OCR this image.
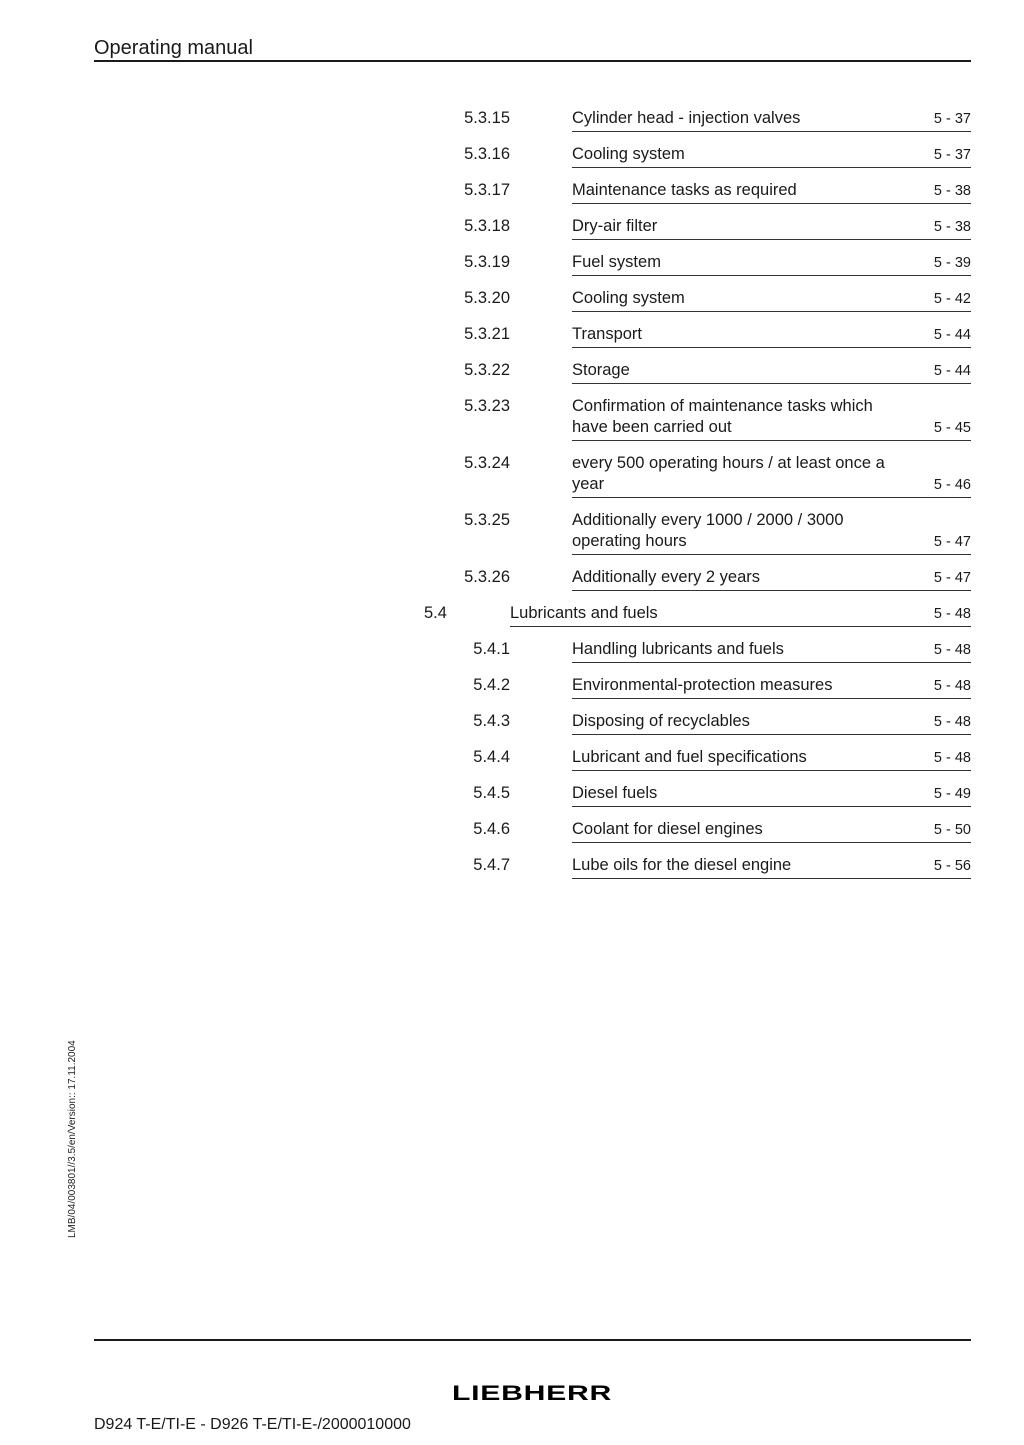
Operating manual
5.3.15	Cylinder head - injection valves	5 - 37
5.3.16	Cooling system	5 - 37
5.3.17	Maintenance tasks as required	5 - 38
5.3.18	Dry-air filter	5 - 38
5.3.19	Fuel system	5 - 39
5.3.20	Cooling system	5 - 42
5.3.21	Transport	5 - 44
5.3.22	Storage	5 - 44
5.3.23	Confirmation of maintenance tasks which
have been carried out	5 - 45
5.3.24	every 500 operating hours / at least once a
year	5 - 46
5.3.25	Additionally every 1000 / 2000 / 3000
operating hours	5 - 47
5.3.26	Additionally every 2 years	5 - 47
5.4	Lubricants and fuels	5 - 48
5.4.1	Handling lubricants and fuels	5 - 48
5.4.2	Environmental-protection measures	5 - 48
5.4.3	Disposing of recyclables	5 - 48
5.4.4	Lubricant and fuel specifications	5 - 48
5.4.5	Diesel fuels	5 - 49
5.4.6	Coolant for diesel engines	5 - 50
5.4.7	Lube oils for the diesel engine	5 - 56
LMB/04/003801//3.5/en/Version:: 17.11.2004
D924 T-E/TI-E - D926 T-E/TI-E-/2000010000
LIEBHERR
